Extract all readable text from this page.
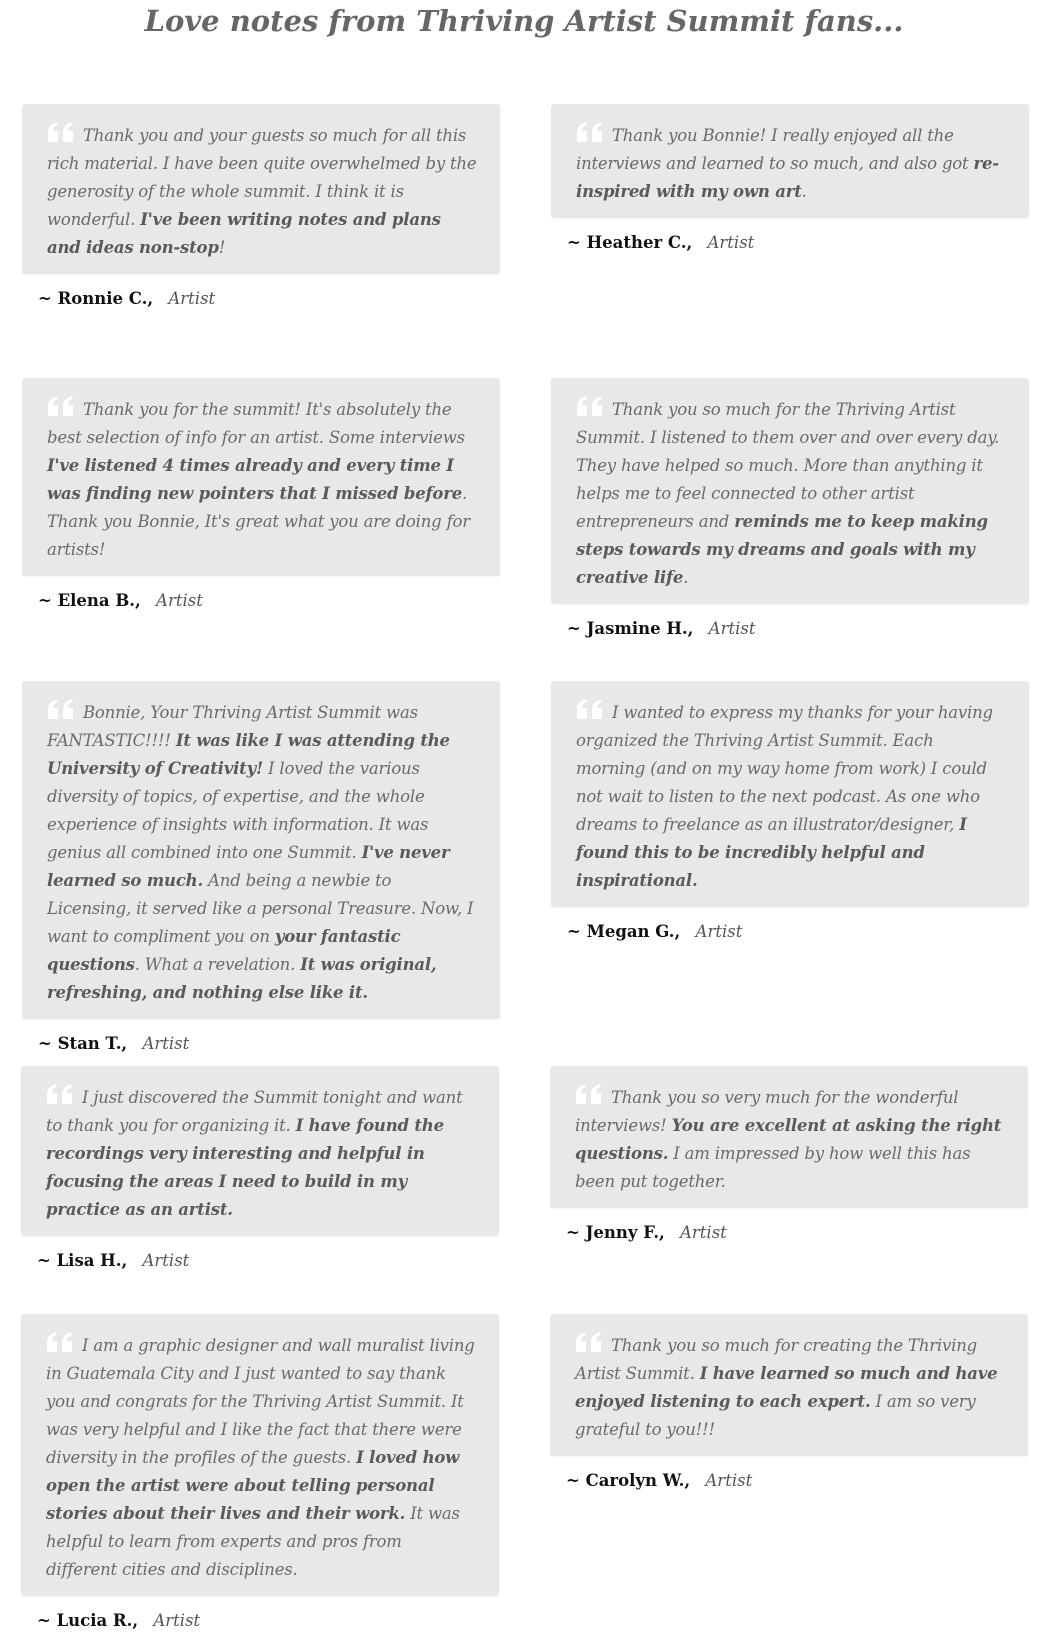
Love notes from Thriving Artist Summit fans...
Thank you and your guests so much for all this rich material. I have been quite overwhelmed by the generosity of the whole summit. I think it is wonderful. I've been writing notes and plans and ideas non-stop!
~ Ronnie C., Artist
Thank you Bonnie! I really enjoyed all the interviews and learned to so much, and also got re-inspired with my own art.
~ Heather C., Artist
Thank you for the summit! It's absolutely the best selection of info for an artist. Some interviews I've listened 4 times already and every time I was finding new pointers that I missed before. Thank you Bonnie, It's great what you are doing for artists!
~ Elena B., Artist
Thank you so much for the Thriving Artist Summit. I listened to them over and over every day. They have helped so much. More than anything it helps me to feel connected to other artist entrepreneurs and reminds me to keep making steps towards my dreams and goals with my creative life.
~ Jasmine H., Artist
Bonnie, Your Thriving Artist Summit was FANTASTIC!!!! It was like I was attending the University of Creativity! I loved the various diversity of topics, of expertise, and the whole experience of insights with information. It was genius all combined into one Summit. I've never learned so much. And being a newbie to Licensing, it served like a personal Treasure. Now, I want to compliment you on your fantastic questions. What a revelation. It was original, refreshing, and nothing else like it.
~ Stan T., Artist
I wanted to express my thanks for your having organized the Thriving Artist Summit. Each morning (and on my way home from work) I could not wait to listen to the next podcast. As one who dreams to freelance as an illustrator/designer, I found this to be incredibly helpful and inspirational.
~ Megan G., Artist
I just discovered the Summit tonight and want to thank you for organizing it. I have found the recordings very interesting and helpful in focusing the areas I need to build in my practice as an artist.
~ Lisa H., Artist
Thank you so very much for the wonderful interviews! You are excellent at asking the right questions. I am impressed by how well this has been put together.
~ Jenny F., Artist
I am a graphic designer and wall muralist living in Guatemala City and I just wanted to say thank you and congrats for the Thriving Artist Summit. It was very helpful and I like the fact that there were diversity in the profiles of the guests. I loved how open the artist were about telling personal stories about their lives and their work. It was helpful to learn from experts and pros from different cities and disciplines.
~ Lucia R., Artist
Thank you so much for creating the Thriving Artist Summit. I have learned so much and have enjoyed listening to each expert. I am so very grateful to you!!!
~ Carolyn W., Artist
